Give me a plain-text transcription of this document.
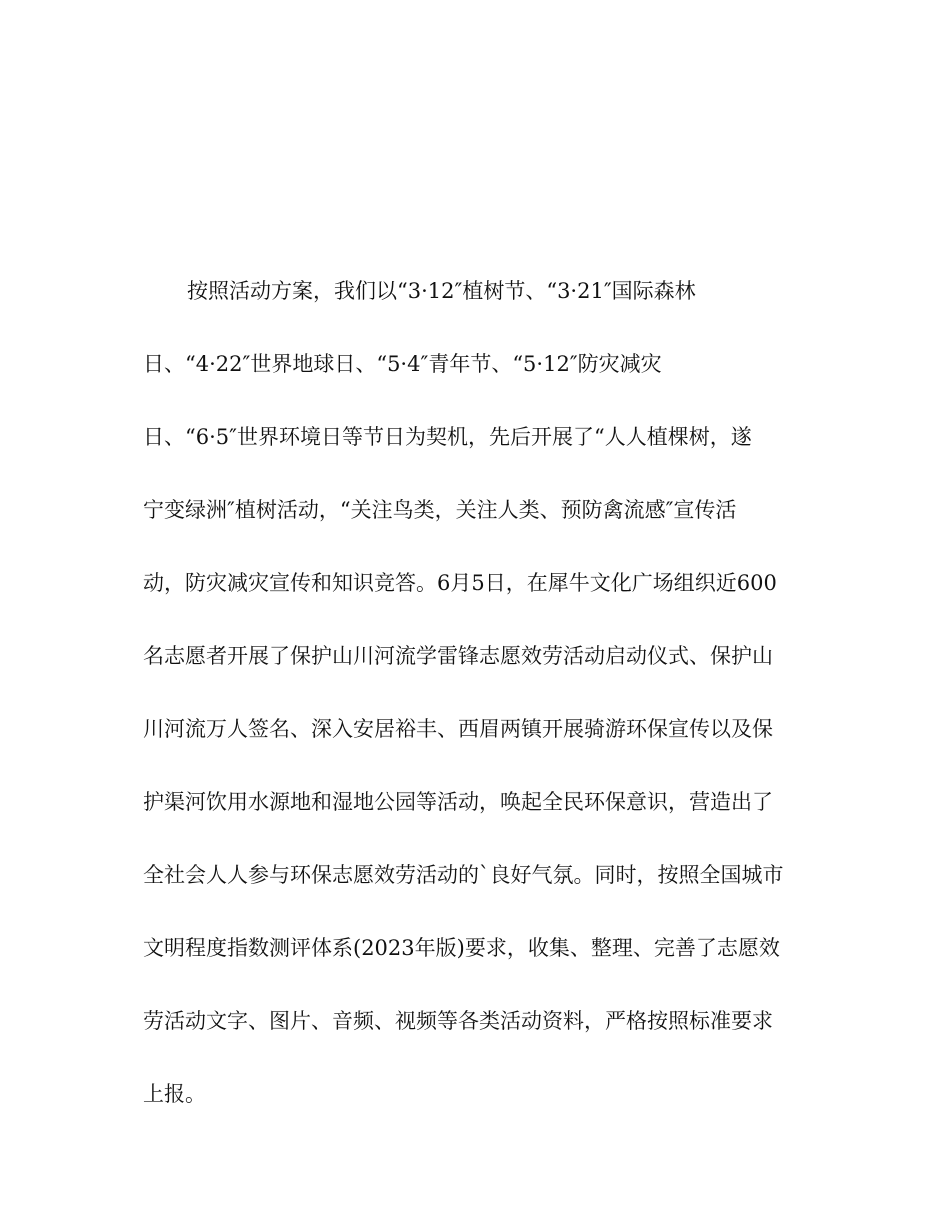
按照活动方案，我们以“3·12″植树节、“3·21″国际森林
日、“4·22″世界地球日、“5·4″青年节、“5·12″防灾减灾
日、“6·5″世界环境日等节日为契机，先后开展了“人人植棵树，遂
宁变绿洲″植树活动，“关注鸟类，关注人类、预防禽流感″宣传活
动，防灾减灾宣传和知识竞答。6月5日，在犀牛文化广场组织近600
名志愿者开展了保护山川河流学雷锋志愿效劳活动启动仪式、保护山
川河流万人签名、深入安居裕丰、西眉两镇开展骑游环保宣传以及保
护渠河饮用水源地和湿地公园等活动，唤起全民环保意识，营造出了
全社会人人参与环保志愿效劳活动的`良好气氛。同时，按照全国城市
文明程度指数测评体系(2023年版)要求，收集、整理、完善了志愿效
劳活动文字、图片、音频、视频等各类活动资料，严格按照标准要求
上报。
